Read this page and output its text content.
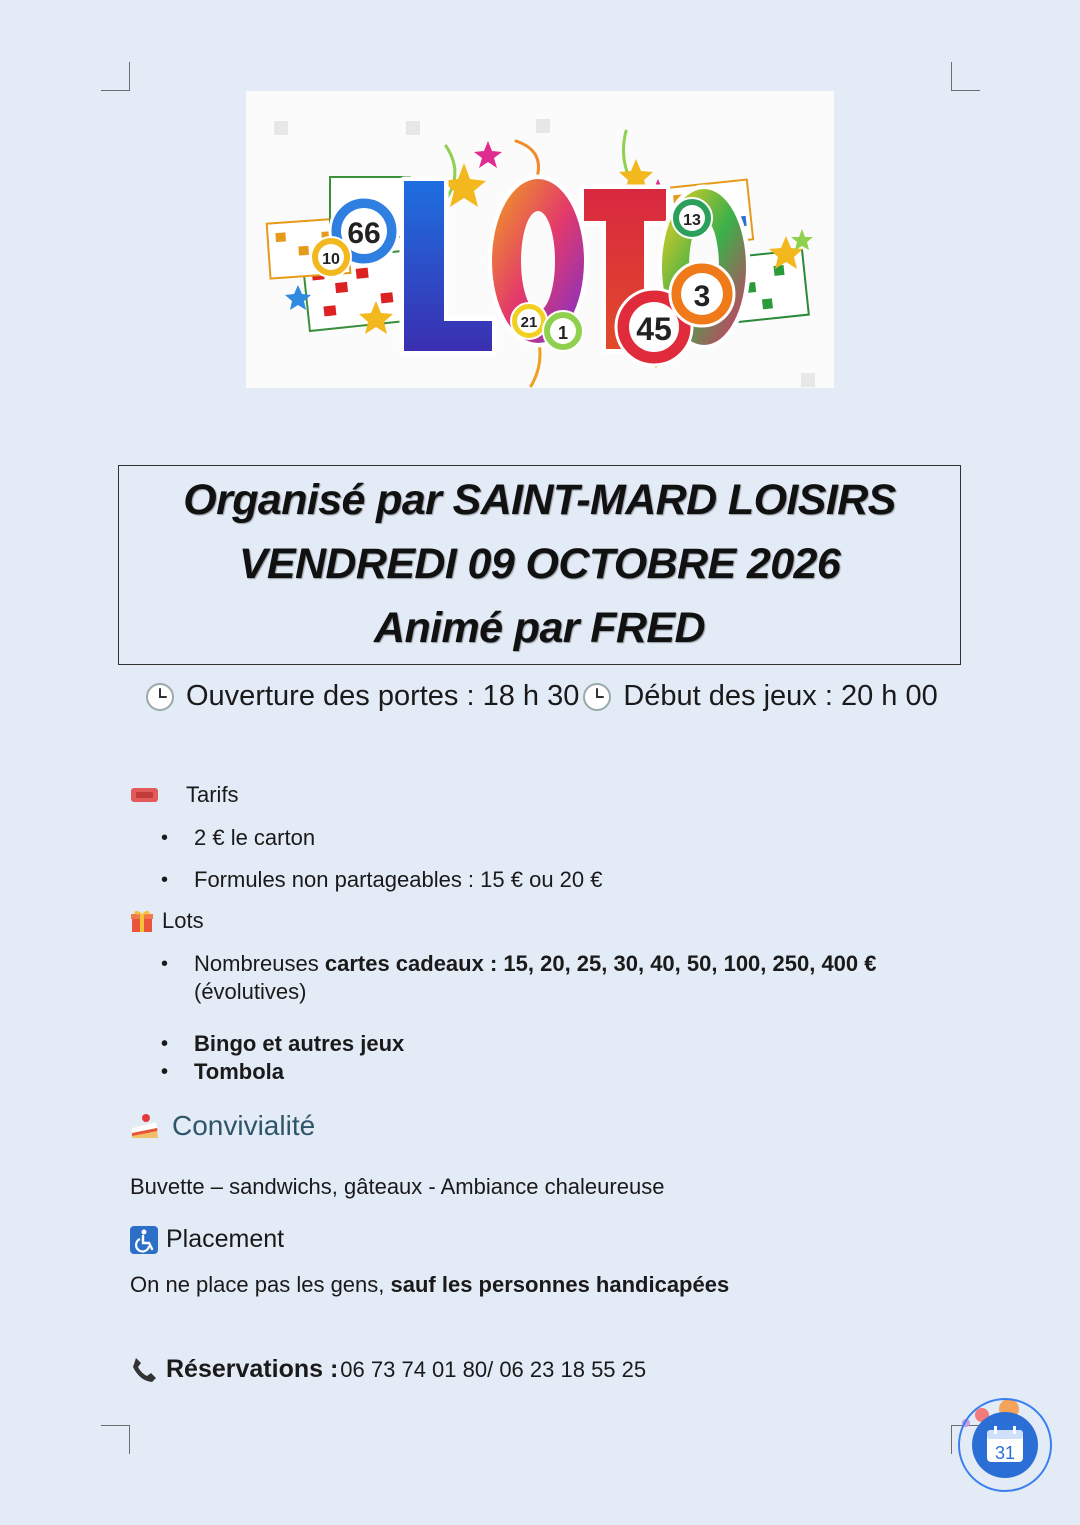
66
10
13
21
1 45
3
Organisé par SAINT-MARD LOISIRS
VENDREDI 09 OCTOBRE 2026
Animé par FRED
Ouverture des portes : 18 h 30 Début des jeux : 20 h 00
Tarifs
• 2 € le carton
• Formules non partageables : 15 € ou 20 €
Lots
• Nombreuses cartes cadeaux : 15, 20, 25, 30, 40, 50, 100, 250, 400 €
(évolutives)
• Bingo et autres jeux
• Tombola
Convivialité
Buvette – sandwichs, gâteaux - Ambiance chaleureuse
Placement
On ne place pas les gens, sauf les personnes handicapées
Réservations : 06 73 74 01 80/ 06 23 18 55 25
31
